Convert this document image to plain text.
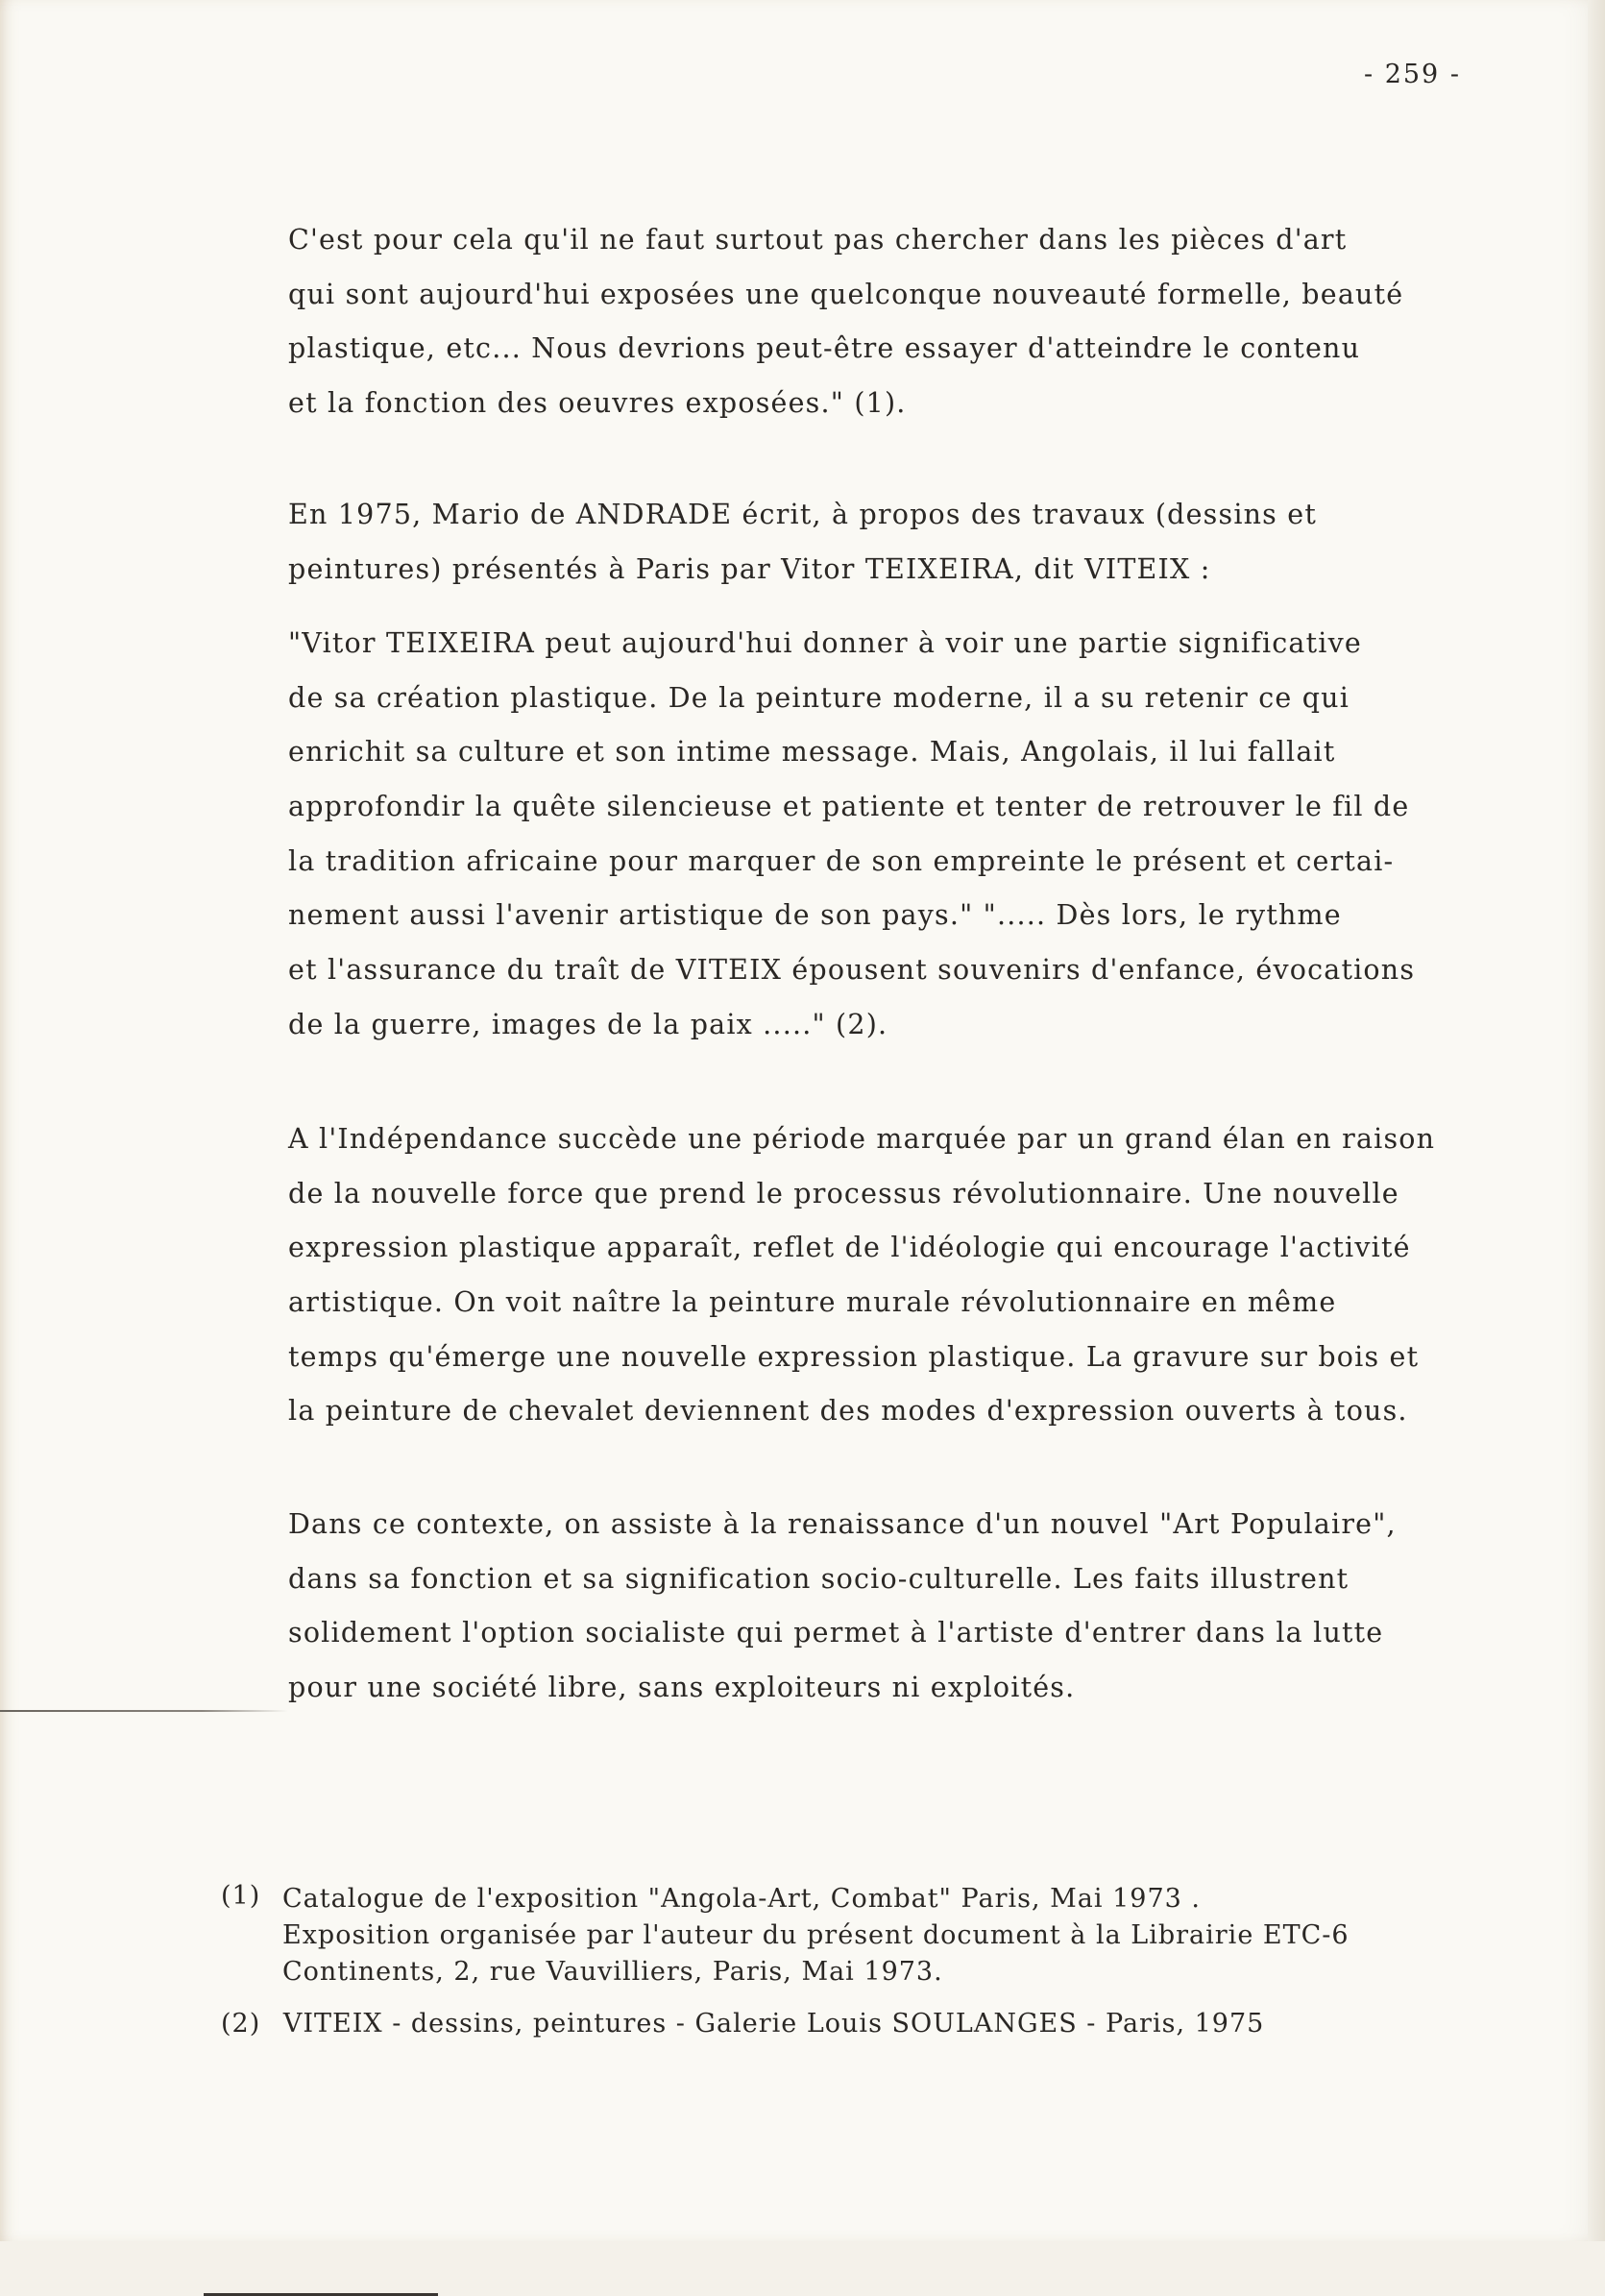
- 259 -

C'est pour cela qu'il ne faut surtout pas chercher dans les pièces d'art
qui sont aujourd'hui exposées une quelconque nouveauté formelle, beauté
plastique, etc... Nous devrions peut-être essayer d'atteindre le contenu
et la fonction des oeuvres exposées." (1).

En 1975, Mario de ANDRADE écrit, à propos des travaux (dessins et
peintures) présentés à Paris par Vitor TEIXEIRA, dit VITEIX :

"Vitor TEIXEIRA peut aujourd'hui donner à voir une partie significative
de sa création plastique. De la peinture moderne, il a su retenir ce qui
enrichit sa culture et son intime message. Mais, Angolais, il lui fallait
approfondir la quête silencieuse et patiente et tenter de retrouver le fil de
la tradition africaine pour marquer de son empreinte le présent et certai-
nement aussi l'avenir artistique de son pays." "..... Dès lors, le rythme
et l'assurance du traît de VITEIX épousent souvenirs d'enfance, évocations
de la guerre, images de la paix ....." (2).

A l'Indépendance succède une période marquée par un grand élan en raison
de la nouvelle force que prend le processus révolutionnaire. Une nouvelle
expression plastique apparaît, reflet de l'idéologie qui encourage l'activité
artistique. On voit naître la peinture murale révolutionnaire en même
temps qu'émerge une nouvelle expression plastique. La gravure sur bois et
la peinture de chevalet deviennent des modes d'expression ouverts à tous.

Dans ce contexte, on assiste à la renaissance d'un nouvel "Art Populaire",
dans sa fonction et sa signification socio-culturelle. Les faits illustrent
solidement l'option socialiste qui permet à l'artiste d'entrer dans la lutte
pour une société libre, sans exploiteurs ni exploités.

(1) Catalogue de l'exposition "Angola-Art, Combat" Paris, Mai 1973 .
Exposition organisée par l'auteur du présent document à la Librairie ETC-6
Continents, 2, rue Vauvilliers, Paris, Mai 1973.
(2) VITEIX - dessins, peintures - Galerie Louis SOULANGES - Paris, 1975
